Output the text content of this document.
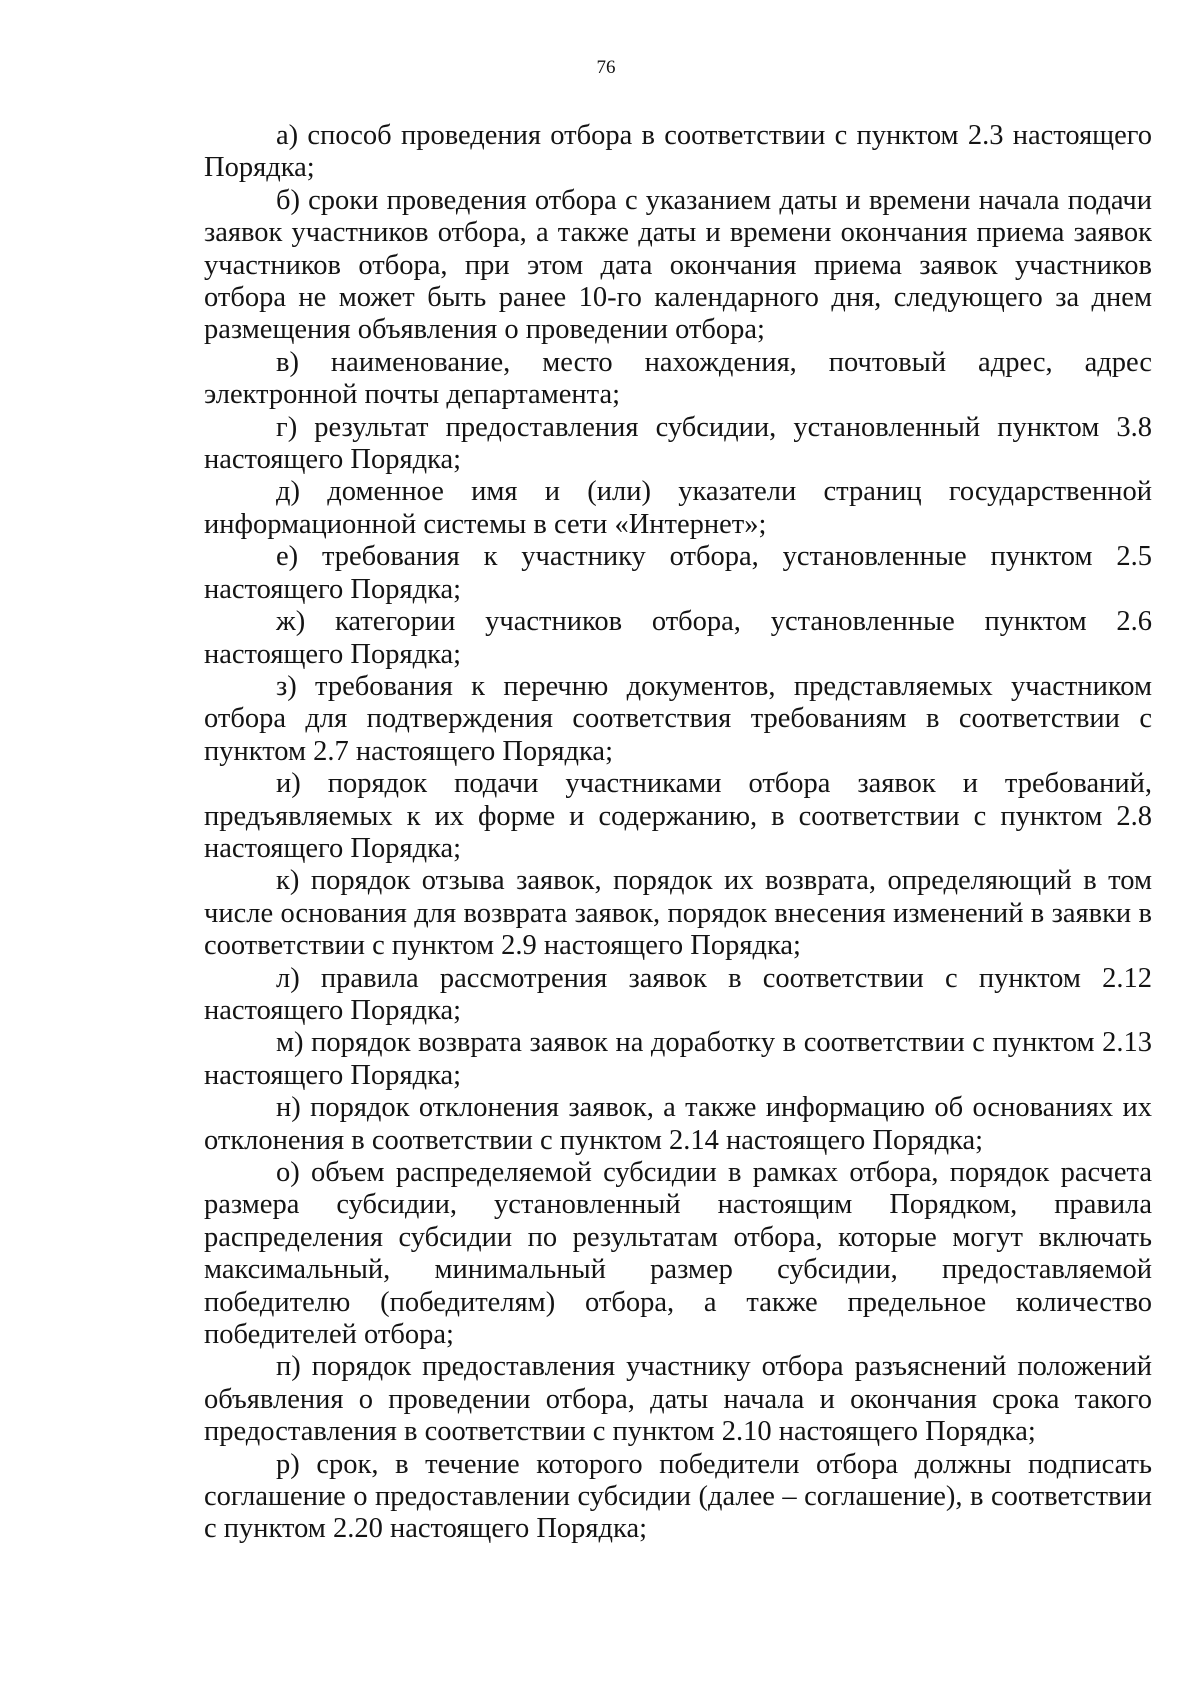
76

а) способ проведения отбора в соответствии с пунктом 2.3 настоящего Порядка;

б) сроки проведения отбора с указанием даты и времени начала подачи заявок участников отбора, а также даты и времени окончания приема заявок участников отбора, при этом дата окончания приема заявок участников отбора не может быть ранее 10-го календарного дня, следующего за днем размещения объявления о проведении отбора;

в) наименование, место нахождения, почтовый адрес, адрес электронной почты департамента;

г) результат предоставления субсидии, установленный пунктом 3.8 настоящего Порядка;

д) доменное имя и (или) указатели страниц государственной информационной системы в сети «Интернет»;

е) требования к участнику отбора, установленные пунктом 2.5 настоящего Порядка;

ж) категории участников отбора, установленные пунктом 2.6 настоящего Порядка;

з) требования к перечню документов, представляемых участником отбора для подтверждения соответствия требованиям в соответствии с пунктом 2.7 настоящего Порядка;

и) порядок подачи участниками отбора заявок и требований, предъявляемых к их форме и содержанию, в соответствии с пунктом 2.8 настоящего Порядка;

к) порядок отзыва заявок, порядок их возврата, определяющий в том числе основания для возврата заявок, порядок внесения изменений в заявки в соответствии с пунктом 2.9 настоящего Порядка;

л) правила рассмотрения заявок в соответствии с пунктом 2.12 настоящего Порядка;

м) порядок возврата заявок на доработку в соответствии с пунктом 2.13 настоящего Порядка;

н) порядок отклонения заявок, а также информацию об основаниях их отклонения в соответствии с пунктом 2.14 настоящего Порядка;

о) объем распределяемой субсидии в рамках отбора, порядок расчета размера субсидии, установленный настоящим Порядком, правила распределения субсидии по результатам отбора, которые могут включать максимальный, минимальный размер субсидии, предоставляемой победителю (победителям) отбора, а также предельное количество победителей отбора;

п) порядок предоставления участнику отбора разъяснений положений объявления о проведении отбора, даты начала и окончания срока такого предоставления в соответствии с пунктом 2.10 настоящего Порядка;

р) срок, в течение которого победители отбора должны подписать соглашение о предоставлении субсидии (далее – соглашение), в соответствии с пунктом 2.20 настоящего Порядка;
